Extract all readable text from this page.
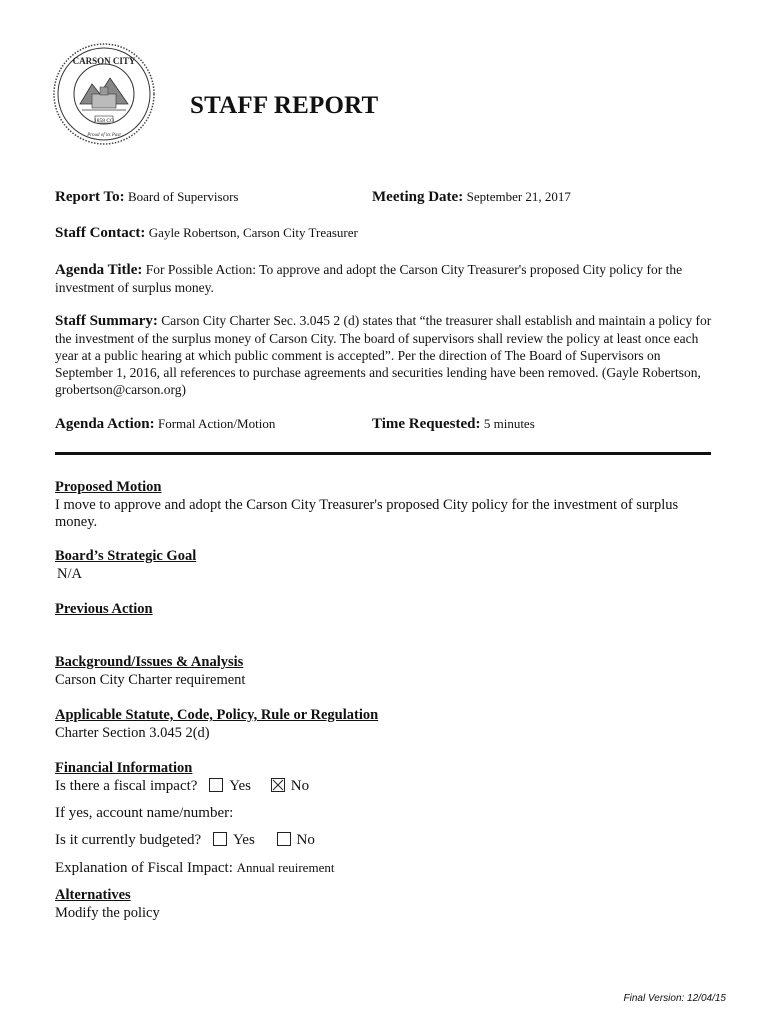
CARSON CITY
1858 CO
Proud of its Past
STAFF REPORT
Report To: Board of Supervisors	Meeting Date: September 21, 2017
Staff Contact: Gayle Robertson, Carson City Treasurer
Agenda Title: For Possible Action: To approve and adopt the Carson City Treasurer's proposed City policy for the investment of surplus money.
Staff Summary: Carson City Charter Sec. 3.045 2 (d) states that “the treasurer shall establish and maintain a policy for the investment of the surplus money of Carson City. The board of supervisors shall review the policy at least once each year at a public hearing at which public comment is accepted”. Per the direction of The Board of Supervisors on September 1, 2016, all references to purchase agreements and securities lending have been removed. (Gayle Robertson, grobertson@carson.org)
Agenda Action: Formal Action/Motion	Time Requested: 5 minutes
Proposed Motion
I move to approve and adopt the Carson City Treasurer's proposed City policy for the investment of surplus money.
Board’s Strategic Goal
N/A
Previous Action
Background/Issues & Analysis
Carson City Charter requirement
Applicable Statute, Code, Policy, Rule or Regulation
Charter Section 3.045 2(d)
Financial Information
Is there a fiscal impact? Yes	No
If yes, account name/number:
Is it currently budgeted? Yes	No
Explanation of Fiscal Impact: Annual reuirement
Alternatives
Modify the policy
Final Version: 12/04/15
